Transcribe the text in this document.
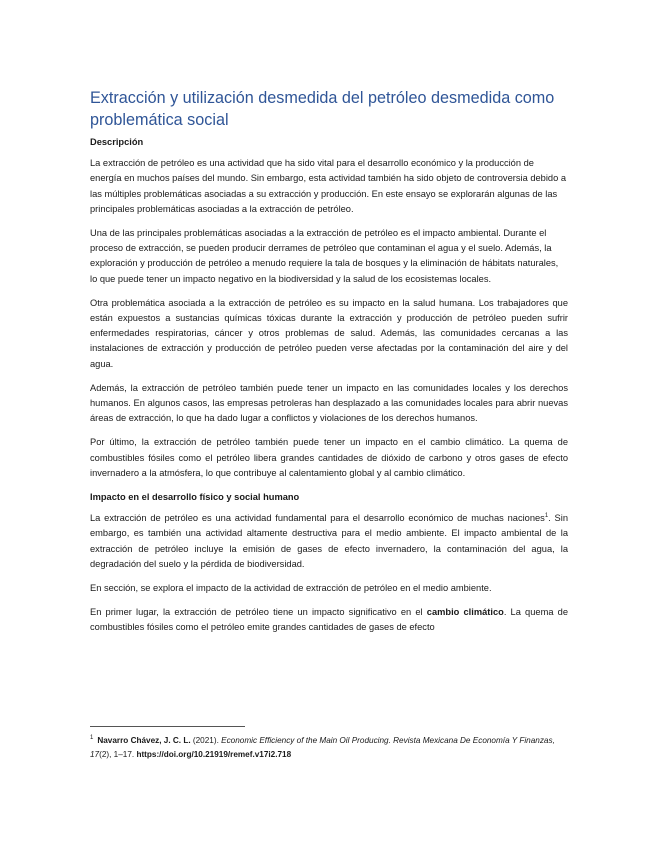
Extracción y utilización desmedida del petróleo desmedida como problemática social
Descripción

La extracción de petróleo es una actividad que ha sido vital para el desarrollo económico y la producción de energía en muchos países del mundo. Sin embargo, esta actividad también ha sido objeto de controversia debido a las múltiples problemáticas asociadas a su extracción y producción. En este ensayo se explorarán algunas de las principales problemáticas asociadas a la extracción de petróleo.

Una de las principales problemáticas asociadas a la extracción de petróleo es el impacto ambiental. Durante el proceso de extracción, se pueden producir derrames de petróleo que contaminan el agua y el suelo. Además, la exploración y producción de petróleo a menudo requiere la tala de bosques y la eliminación de hábitats naturales, lo que puede tener un impacto negativo en la biodiversidad y la salud de los ecosistemas locales.

Otra problemática asociada a la extracción de petróleo es su impacto en la salud humana. Los trabajadores que están expuestos a sustancias químicas tóxicas durante la extracción y producción de petróleo pueden sufrir enfermedades respiratorias, cáncer y otros problemas de salud. Además, las comunidades cercanas a las instalaciones de extracción y producción de petróleo pueden verse afectadas por la contaminación del aire y del agua.

Además, la extracción de petróleo también puede tener un impacto en las comunidades locales y los derechos humanos. En algunos casos, las empresas petroleras han desplazado a las comunidades locales para abrir nuevas áreas de extracción, lo que ha dado lugar a conflictos y violaciones de los derechos humanos.

Por último, la extracción de petróleo también puede tener un impacto en el cambio climático. La quema de combustibles fósiles como el petróleo libera grandes cantidades de dióxido de carbono y otros gases de efecto invernadero a la atmósfera, lo que contribuye al calentamiento global y al cambio climático.

Impacto en el desarrollo físico y social humano

La extracción de petróleo es una actividad fundamental para el desarrollo económico de muchas naciones$^1$. Sin embargo, es también una actividad altamente destructiva para el medio ambiente. El impacto ambiental de la extracción de petróleo incluye la emisión de gases de efecto invernadero, la contaminación del agua, la degradación del suelo y la pérdida de biodiversidad.

En sección, se explora el impacto de la actividad de extracción de petróleo en el medio ambiente.

En primer lugar, la extracción de petróleo tiene un impacto significativo en el cambio climático. La quema de combustibles fósiles como el petróleo emite grandes cantidades de gases de efecto

$^1$ Navarro Chávez, J. C. L. (2021). Economic Efficiency of the Main Oil Producing. Revista Mexicana De Economía Y Finanzas, 17(2), 1–17. https://doi.org/10.21919/remef.v17i2.718
